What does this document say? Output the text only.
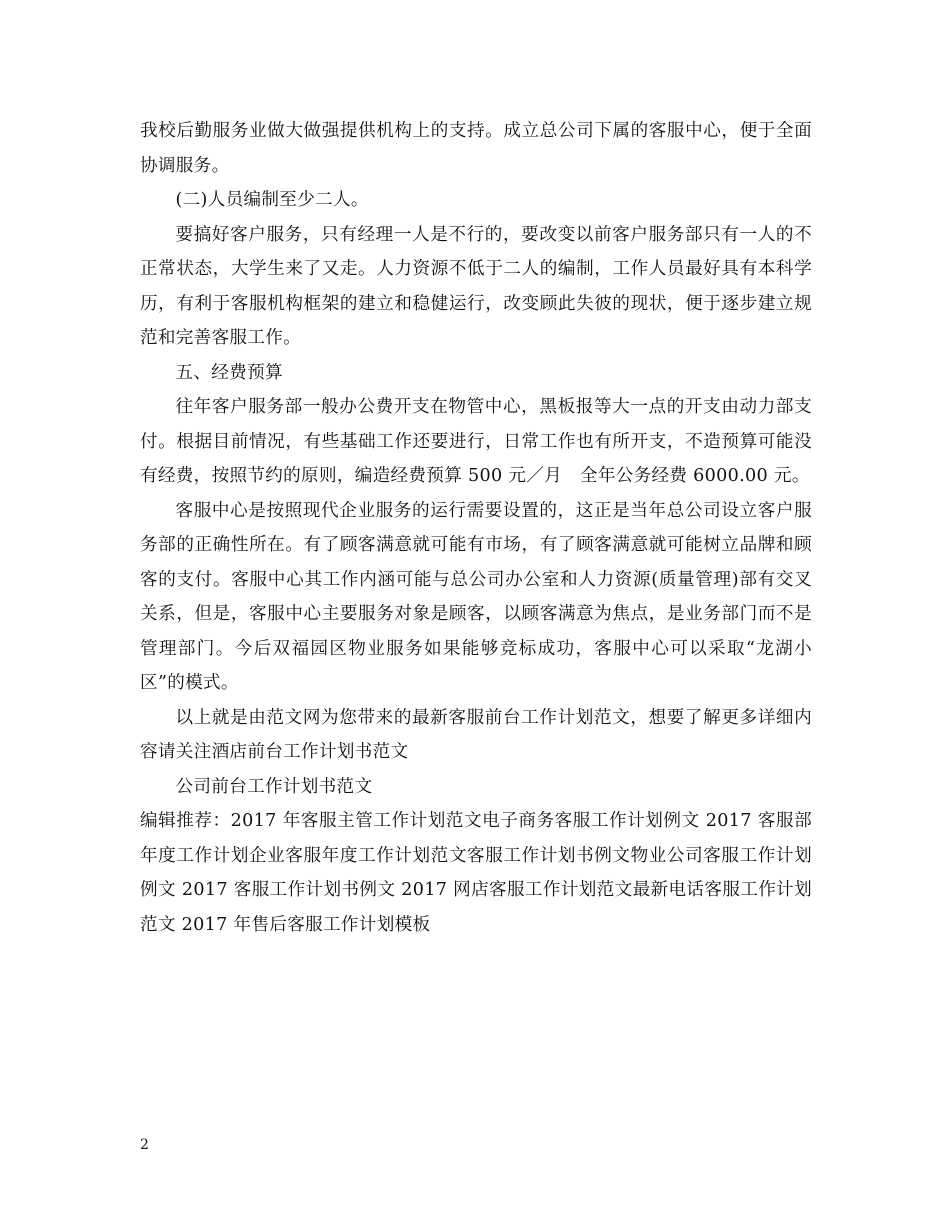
我校后勤服务业做大做强提供机构上的支持。成立总公司下属的客服中心，便于全面协调服务。

(二)人员编制至少二人。

要搞好客户服务，只有经理一人是不行的，要改变以前客户服务部只有一人的不正常状态，大学生来了又走。人力资源不低于二人的编制，工作人员最好具有本科学历，有利于客服机构框架的建立和稳健运行，改变顾此失彼的现状，便于逐步建立规范和完善客服工作。

五、经费预算

往年客户服务部一般办公费开支在物管中心，黑板报等大一点的开支由动力部支付。根据目前情况，有些基础工作还要进行，日常工作也有所开支，不造预算可能没有经费，按照节约的原则，编造经费预算 500 元／月　全年公务经费 6000.00 元。

客服中心是按照现代企业服务的运行需要设置的，这正是当年总公司设立客户服务部的正确性所在。有了顾客满意就可能有市场，有了顾客满意就可能树立品牌和顾客的支付。客服中心其工作内涵可能与总公司办公室和人力资源(质量管理)部有交叉关系，但是，客服中心主要服务对象是顾客，以顾客满意为焦点，是业务部门而不是管理部门。今后双福园区物业服务如果能够竞标成功，客服中心可以采取“龙湖小区”的模式。

以上就是由范文网为您带来的最新客服前台工作计划范文，想要了解更多详细内容请关注酒店前台工作计划书范文

公司前台工作计划书范文

编辑推荐：2017 年客服主管工作计划范文电子商务客服工作计划例文 2017 客服部年度工作计划企业客服年度工作计划范文客服工作计划书例文物业公司客服工作计划例文 2017 客服工作计划书例文 2017 网店客服工作计划范文最新电话客服工作计划范文 2017 年售后客服工作计划模板

2
